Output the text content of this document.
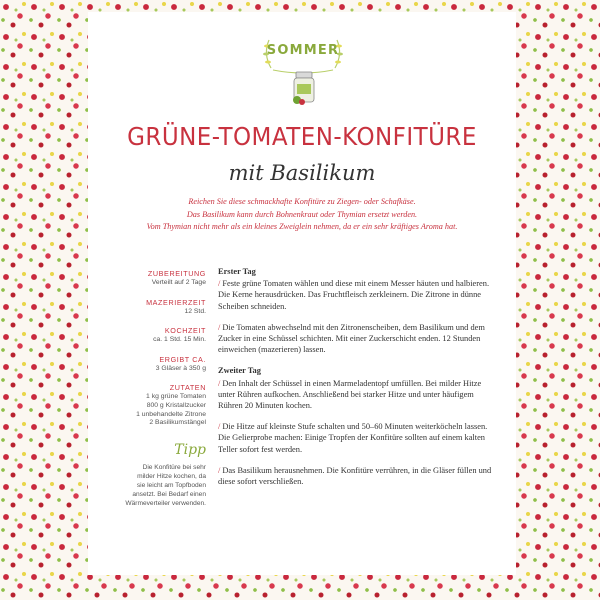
SOMMER
GRÜNE-TOMATEN-KONFITÜRE
mit Basilikum
Reichen Sie diese schmackhafte Konfitüre zu Ziegen- oder Schafkäse.
Das Basilikum kann durch Bohnenkraut oder Thymian ersetzt werden.
Vom Thymian nicht mehr als ein kleines Zweiglein nehmen, da er ein sehr kräftiges Aroma hat.
ZUBEREITUNG
Verteilt auf 2 Tage
MAZERIERZEIT
12 Std.
KOCHZEIT
ca. 1 Std. 15 Min.
ERGIBT CA.
3 Gläser à 350 g
ZUTATEN
1 kg grüne Tomaten
800 g Kristallzucker
1 unbehandelte Zitrone
2 Basilikumstängel
Tipp
Die Konfitüre bei sehr
milder Hitze kochen, da
sie leicht am Topfboden
ansetzt. Bei Bedarf einen
Wärmeverteiler verwenden.
Erster Tag

/ Feste grüne Tomaten wählen und diese mit einem Messer häuten und halbieren. Die Kerne herausdrücken. Das Fruchtfleisch zerkleinern. Die Zitrone in dünne Scheiben schneiden.

/ Die Tomaten abwechselnd mit den Zitronenscheiben, dem Basilikum und dem Zucker in eine Schüssel schichten. Mit einer Zuckerschicht enden. 12 Stunden einweichen (mazerieren) lassen.

Zweiter Tag

/ Den Inhalt der Schüssel in einen Marmeladentopf umfüllen. Bei milder Hitze unter Rühren aufkochen. Anschließend bei starker Hitze und unter häufigem Rühren 20 Minuten kochen.

/ Die Hitze auf kleinste Stufe schalten und 50–60 Minuten weiterköcheln lassen. Die Gelierprobe machen: Einige Tropfen der Konfitüre sollten auf einem kalten Teller sofort fest werden.

/ Das Basilikum herausnehmen. Die Konfitüre verrühren, in die Gläser füllen und diese sofort verschließen.
